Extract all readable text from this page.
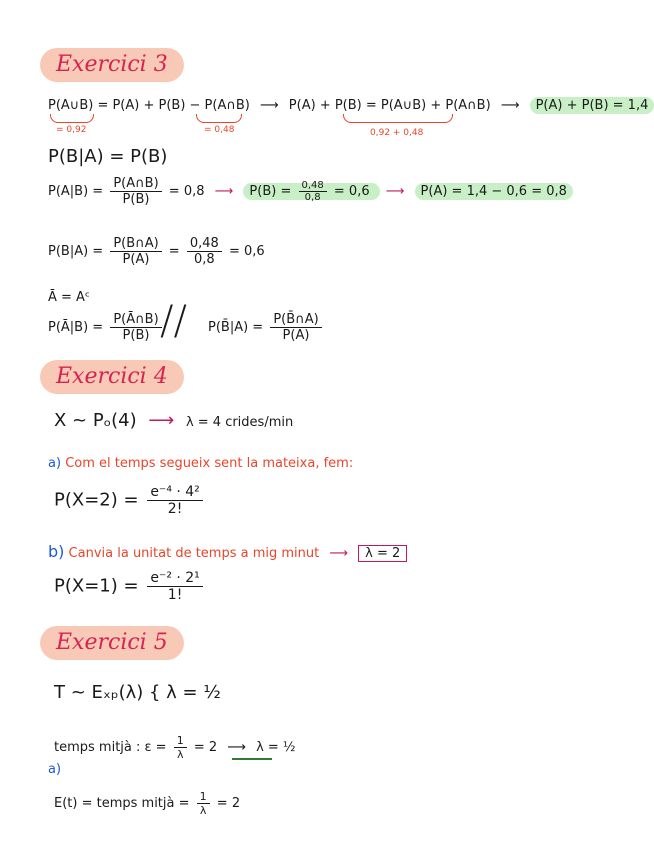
Exercici 3
P(A∪B) = P(A) + P(B) − P(A∩B) ⟶ P(A) + P(B) = P(A∪B) + P(A∩B) ⟶ P(A) + P(B) = 1,4
= 0,92	= 0,48	0,92 + 0,48
P(B|A) = P(B)
$P(A|B) = \frac{P(A\cap B)}{P(B)} = 0,8$ ⟶ $P(B) = \frac{0,48}{0,8} = 0,6$ ⟶ P(A) = 1,4 − 0,6 = 0,8
$P(B|A) = \frac{P(B\cap A)}{P(A)} = \frac{0,48}{0,8} = 0,6$
Ā = Aᶜ
P(Ā|B) = $\frac{P(Ā\cap B)}{P(B)}$
// P(B̄|A) = $\frac{P(B̄\cap A)}{P(A)}$
Exercici 4
X ~ Pₒ(4) ⟶ λ = 4 crides/min
a) Com el temps segueix sent la mateixa, fem:
$P(X=2) = \frac{\text{e⁻⁴ · 4²}}{2!}$
b) Canvia la unitat de temps a mig minut ⟶ λ = 2
$P(X=1) = \frac{\text{e⁻² · 2¹}}{1!}$
Exercici 5
T ~ Eₓₚ(λ) { λ = ½
temps mitjà : $\varepsilon = \frac{1}{\lambda} = 2$ ⟶ λ = ½
a)
E(t) = temps mitjà = $\frac{1}{\lambda} = 2$
